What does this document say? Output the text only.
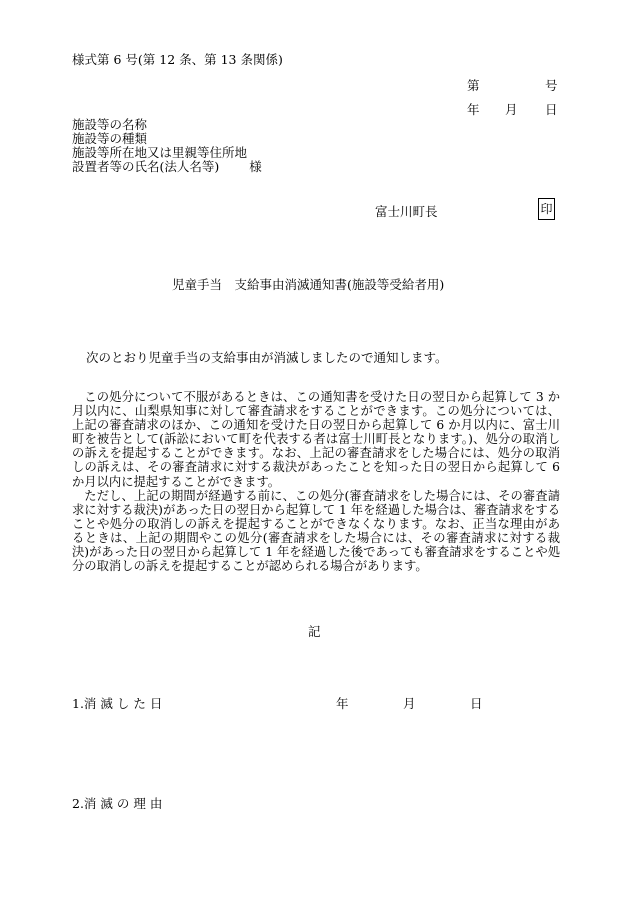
様式第 6 号(第 12 条、第 13 条関係)
第	号
年 月 日
施設等の名称
施設等の種類
施設等所在地又は里親等住所地
設置者等の氏名(法人名等) 様
富士川町長	印
児童手当　支給事由消滅通知書(施設等受給者用)
次のとおり児童手当の支給事由が消滅しましたので通知します。

この処分について不服があるときは、この通知書を受けた日の翌日から起算して 3 か月以内に、山梨県知事に対して審査請求をすることができます。この処分については、上記の審査請求のほか、この通知を受けた日の翌日から起算して 6 か月以内に、富士川町を被告として(訴訟において町を代表する者は富士川町長となります。)、処分の取消しの訴えを提起することができます。なお、上記の審査請求をした場合には、処分の取消しの訴えは、その審査請求に対する裁決があったことを知った日の翌日から起算して 6 か月以内に提起することができます。

ただし、上記の期間が経過する前に、この処分(審査請求をした場合には、その審査請求に対する裁決)があった日の翌日から起算して 1 年を経過した場合は、審査請求をすることや処分の取消しの訴えを提起することができなくなります。なお、正当な理由があるときは、上記の期間やこの処分(審査請求をした場合には、その審査請求に対する裁決)があった日の翌日から起算して 1 年を経過した後であっても審査請求をすることや処分の取消しの訴えを提起することが認められる場合があります。

記
1.消 滅 し た 日	年	月	日
2.消 滅 の 理 由
